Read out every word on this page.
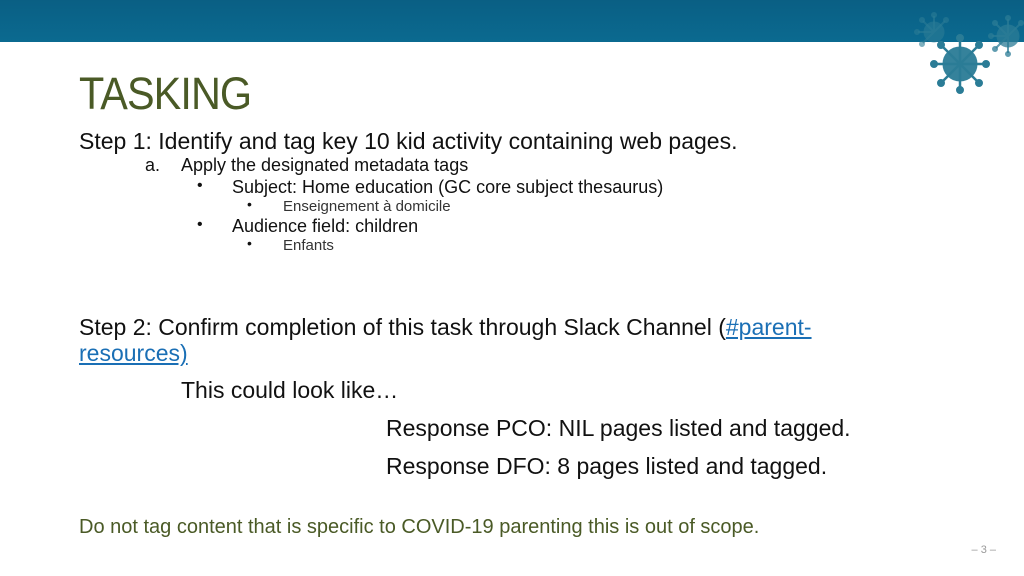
TASKING
Step 1: Identify and tag key 10 kid activity containing web pages.
a. Apply the designated metadata tags
• Subject: Home education (GC core subject thesaurus)
• Enseignement à domicile
• Audience field: children
• Enfants
Step 2: Confirm completion of this task through Slack Channel (#parent-
resources)
This could look like…
Response PCO: NIL pages listed and tagged.
Response DFO: 8 pages listed and tagged.
Do not tag content that is specific to COVID-19 parenting this is out of scope.
– 3 –
